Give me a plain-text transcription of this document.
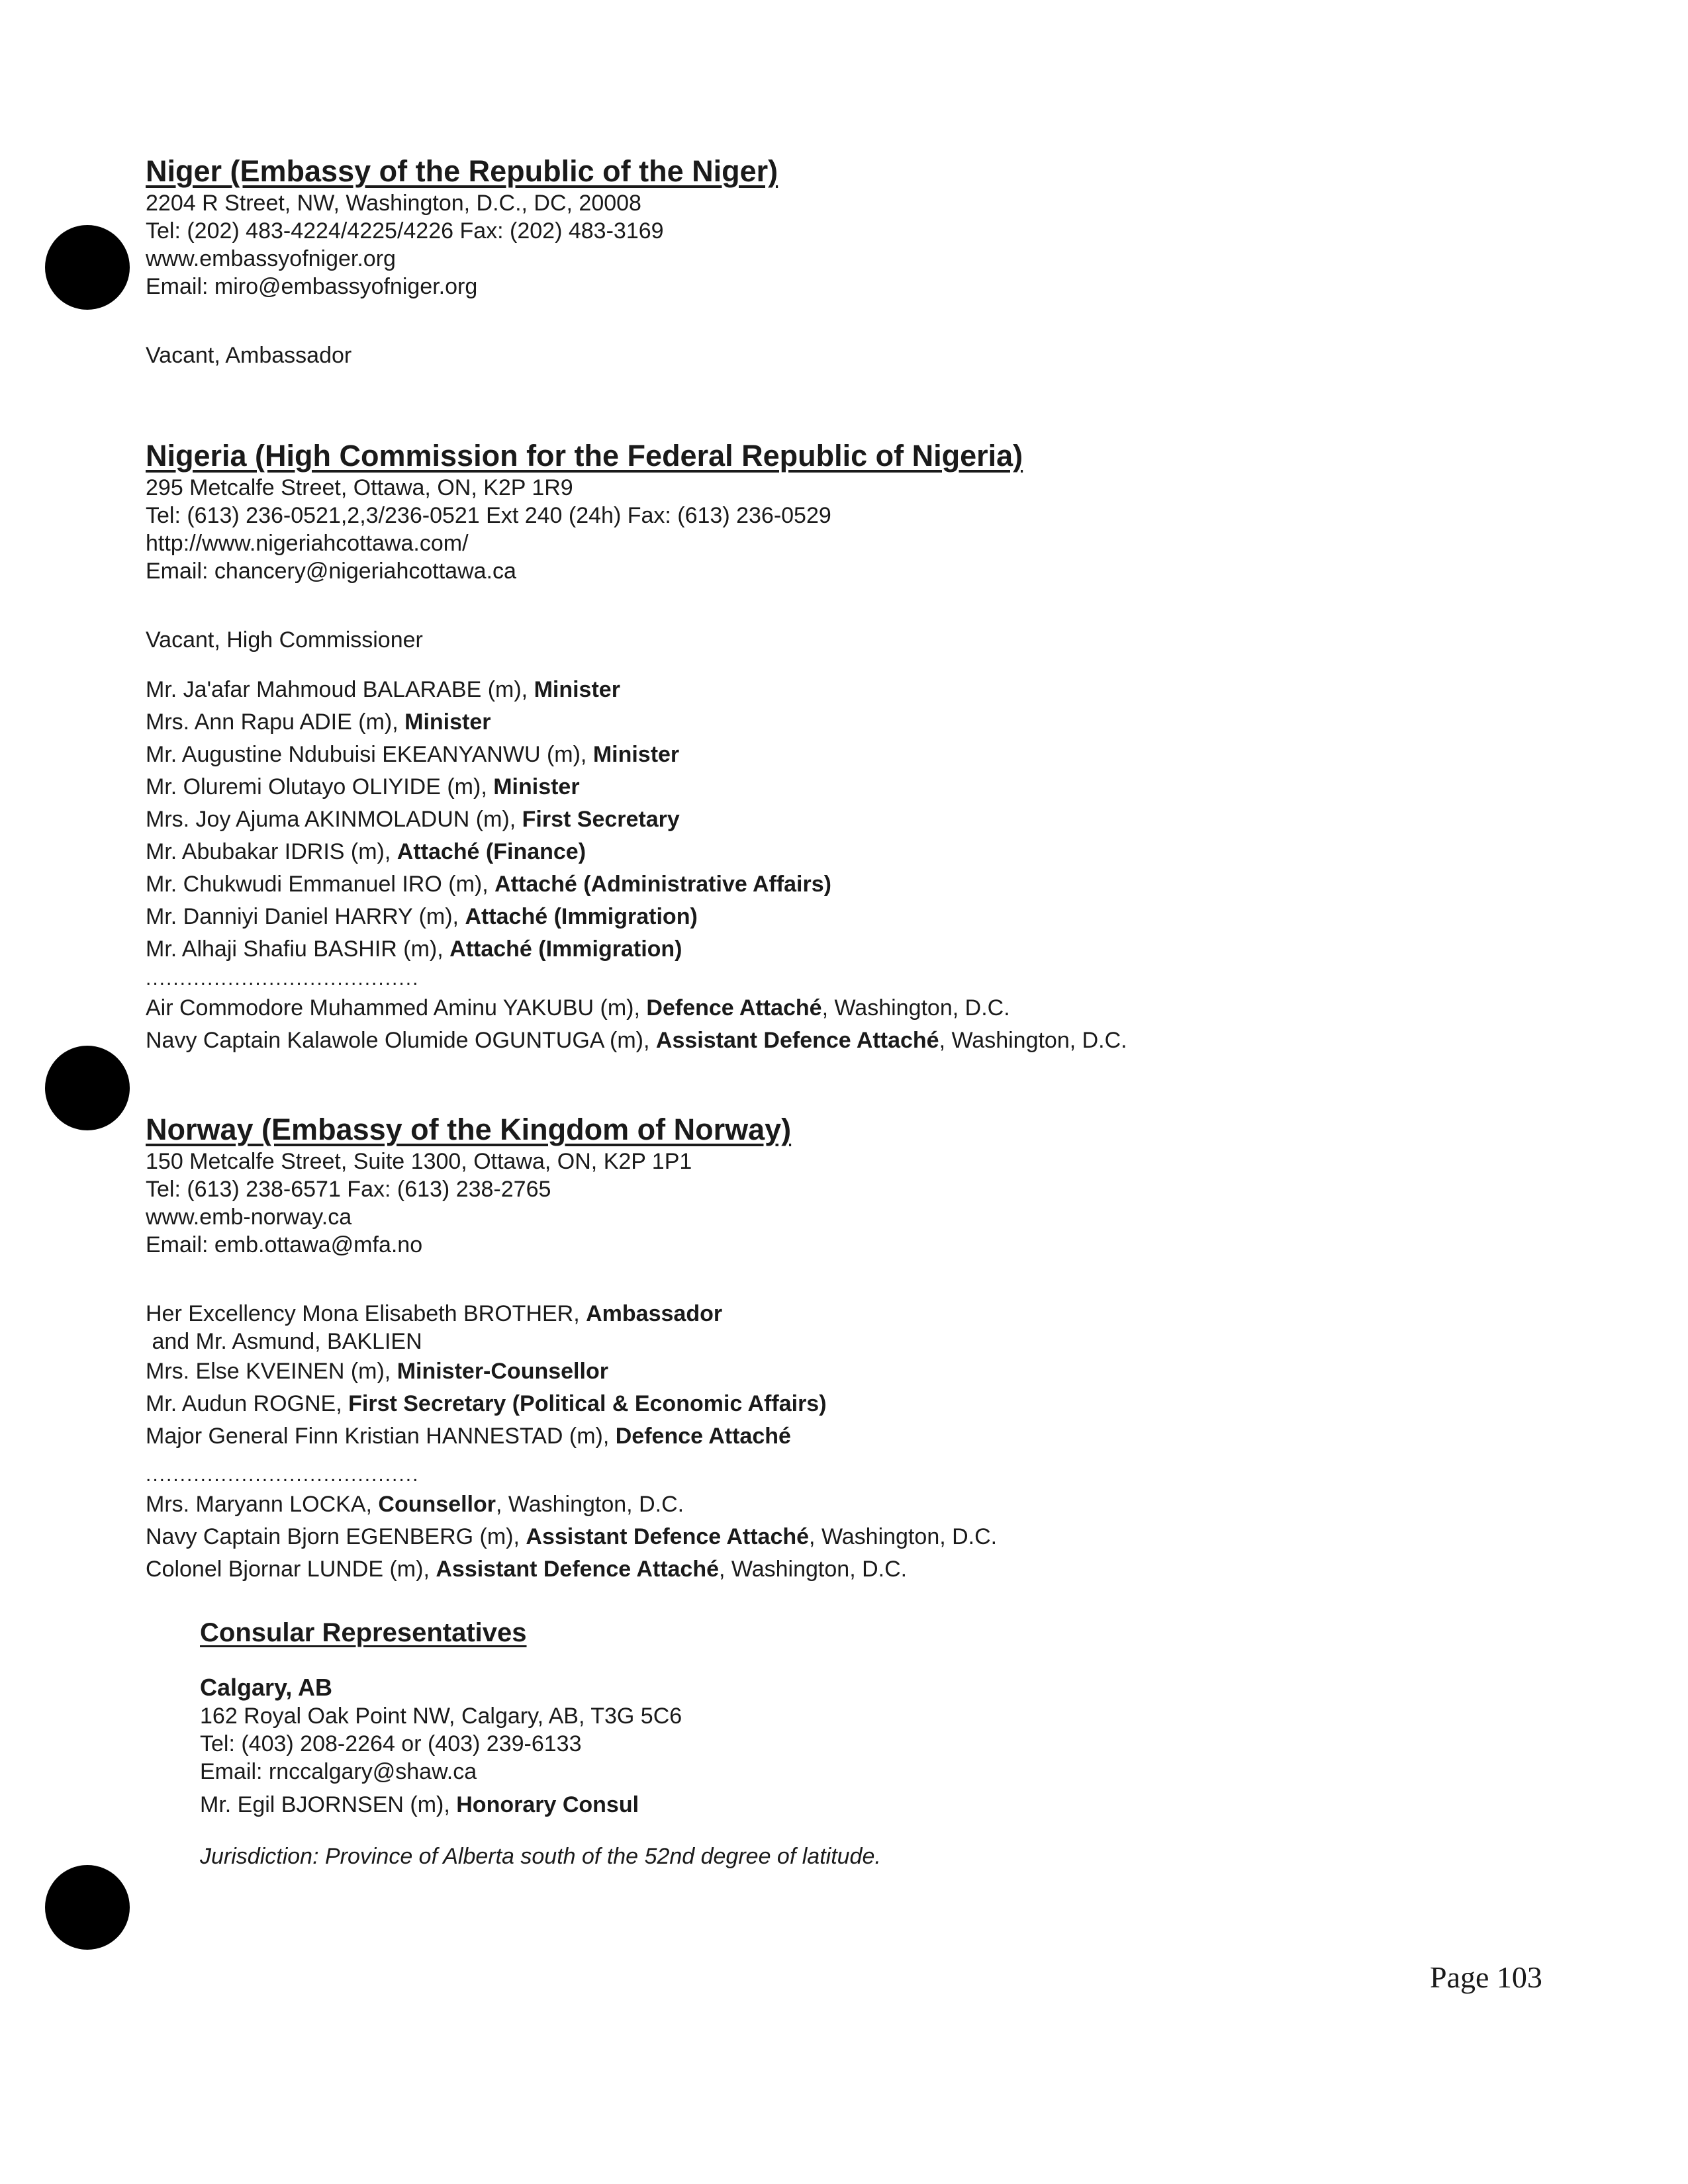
Niger (Embassy of the Republic of the Niger)
2204 R Street, NW, Washington, D.C., DC, 20008
Tel: (202) 483-4224/4225/4226 Fax: (202) 483-3169
www.embassyofniger.org
Email: miro@embassyofniger.org
Vacant, Ambassador
Nigeria (High Commission for the Federal Republic of Nigeria)
295 Metcalfe Street, Ottawa, ON, K2P 1R9
Tel: (613) 236-0521,2,3/236-0521 Ext 240 (24h) Fax: (613) 236-0529
http://www.nigeriahcottawa.com/
Email: chancery@nigeriahcottawa.ca
Vacant, High Commissioner
Mr. Ja'afar Mahmoud BALARABE (m), Minister
Mrs. Ann Rapu ADIE (m), Minister
Mr. Augustine Ndubuisi EKEANYANWU (m), Minister
Mr. Oluremi Olutayo OLIYIDE (m), Minister
Mrs. Joy Ajuma AKINMOLADUN (m), First Secretary
Mr. Abubakar IDRIS (m), Attaché (Finance)
Mr. Chukwudi Emmanuel IRO (m), Attaché (Administrative Affairs)
Mr. Danniyi Daniel HARRY (m), Attaché (Immigration)
Mr. Alhaji Shafiu BASHIR (m), Attaché (Immigration)
........................................
Air Commodore Muhammed Aminu YAKUBU (m), Defence Attaché, Washington, D.C.
Navy Captain Kalawole Olumide OGUNTUGA (m), Assistant Defence Attaché, Washington, D.C.
Norway (Embassy of the Kingdom of Norway)
150 Metcalfe Street, Suite 1300, Ottawa, ON, K2P 1P1
Tel: (613) 238-6571 Fax: (613) 238-2765
www.emb-norway.ca
Email: emb.ottawa@mfa.no
Her Excellency Mona Elisabeth BROTHER, Ambassador
and Mr. Asmund, BAKLIEN
Mrs. Else KVEINEN (m), Minister-Counsellor
Mr. Audun ROGNE, First Secretary (Political & Economic Affairs)
Major General Finn Kristian HANNESTAD (m), Defence Attaché
........................................
Mrs. Maryann LOCKA, Counsellor, Washington, D.C.
Navy Captain Bjorn EGENBERG (m), Assistant Defence Attaché, Washington, D.C.
Colonel Bjornar LUNDE (m), Assistant Defence Attaché, Washington, D.C.
Consular Representatives
Calgary, AB
162 Royal Oak Point NW, Calgary, AB, T3G 5C6
Tel: (403) 208-2264 or (403) 239-6133
Email: rnccalgary@shaw.ca
Mr. Egil BJORNSEN (m), Honorary Consul
Jurisdiction: Province of Alberta south of the 52nd degree of latitude.
Page 103
